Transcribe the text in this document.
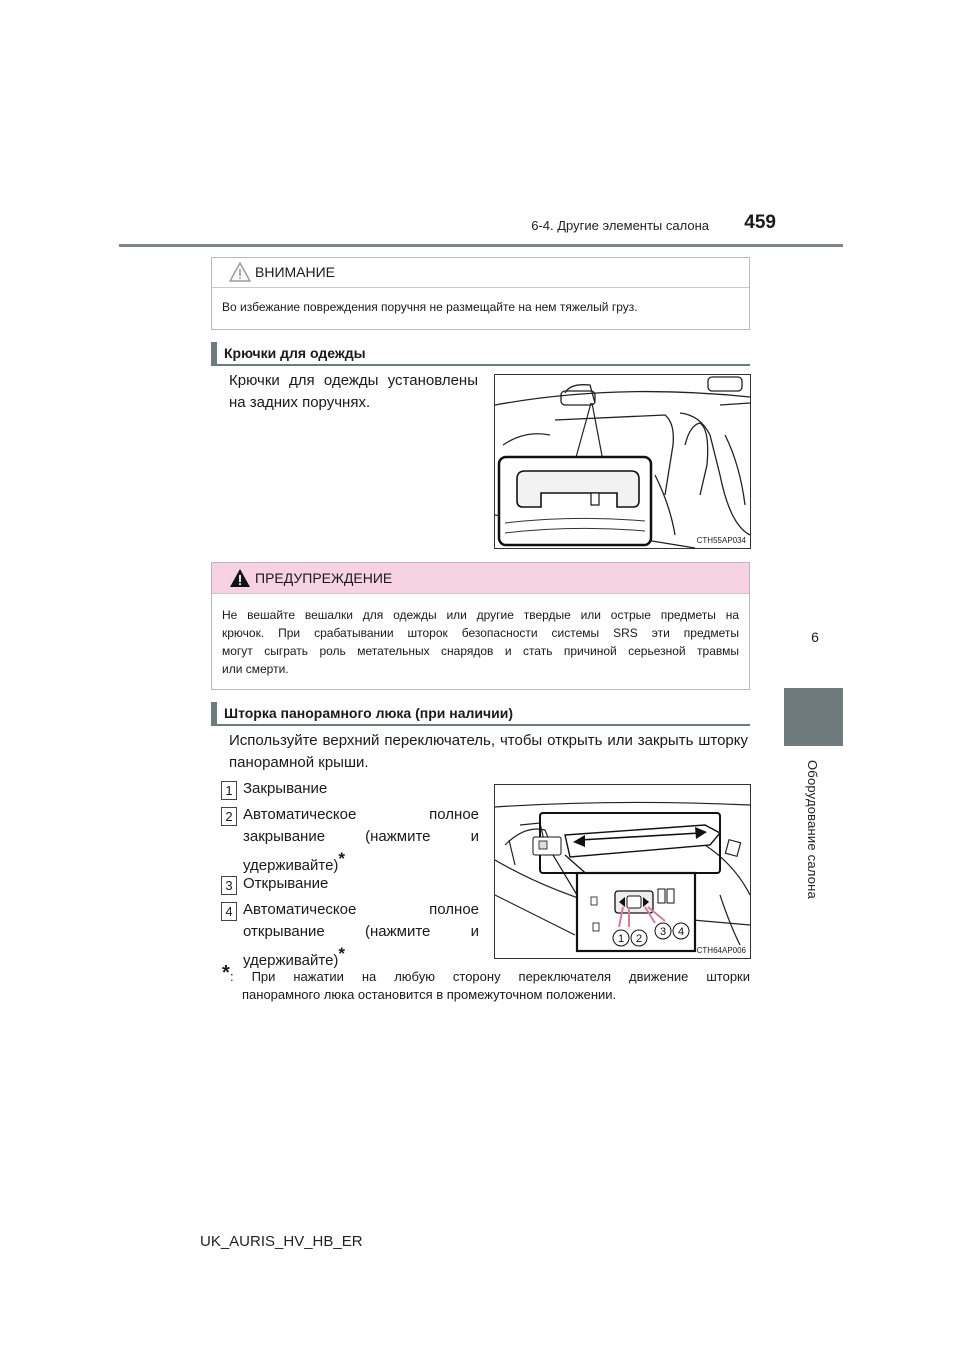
6-4. Другие элементы салона	459
6
Оборудование салона
ВНИМАНИЕ
Во избежание повреждения поручня не размещайте на нем тяжелый груз.
Крючки для одежды
Крючки для одежды установлены
на задних поручнях.
CTH55AP034
ПРЕДУПРЕЖДЕНИЕ
Не вешайте вешалки для одежды или другие твердые или острые предметы на
крючок. При срабатывании шторок безопасности системы SRS эти предметы
могут сыграть роль метательных снарядов и стать причиной серьезной травмы
или смерти.
Шторка панорамного люка (при наличии)
Используйте верхний переключатель, чтобы открыть или закрыть шторку
панорамной крыши.
1 Закрывание
2 Автоматическое полное
закрывание (нажмите и
удерживайте)*
3 Открывание
4 Автоматическое полное
открывание (нажмите и
удерживайте)*
1 2
3 4
CTH64AP006
* : При нажатии на любую сторону переключателя движение шторки
панорамного люка остановится в промежуточном положении.
UK_AURIS_HV_HB_ER
